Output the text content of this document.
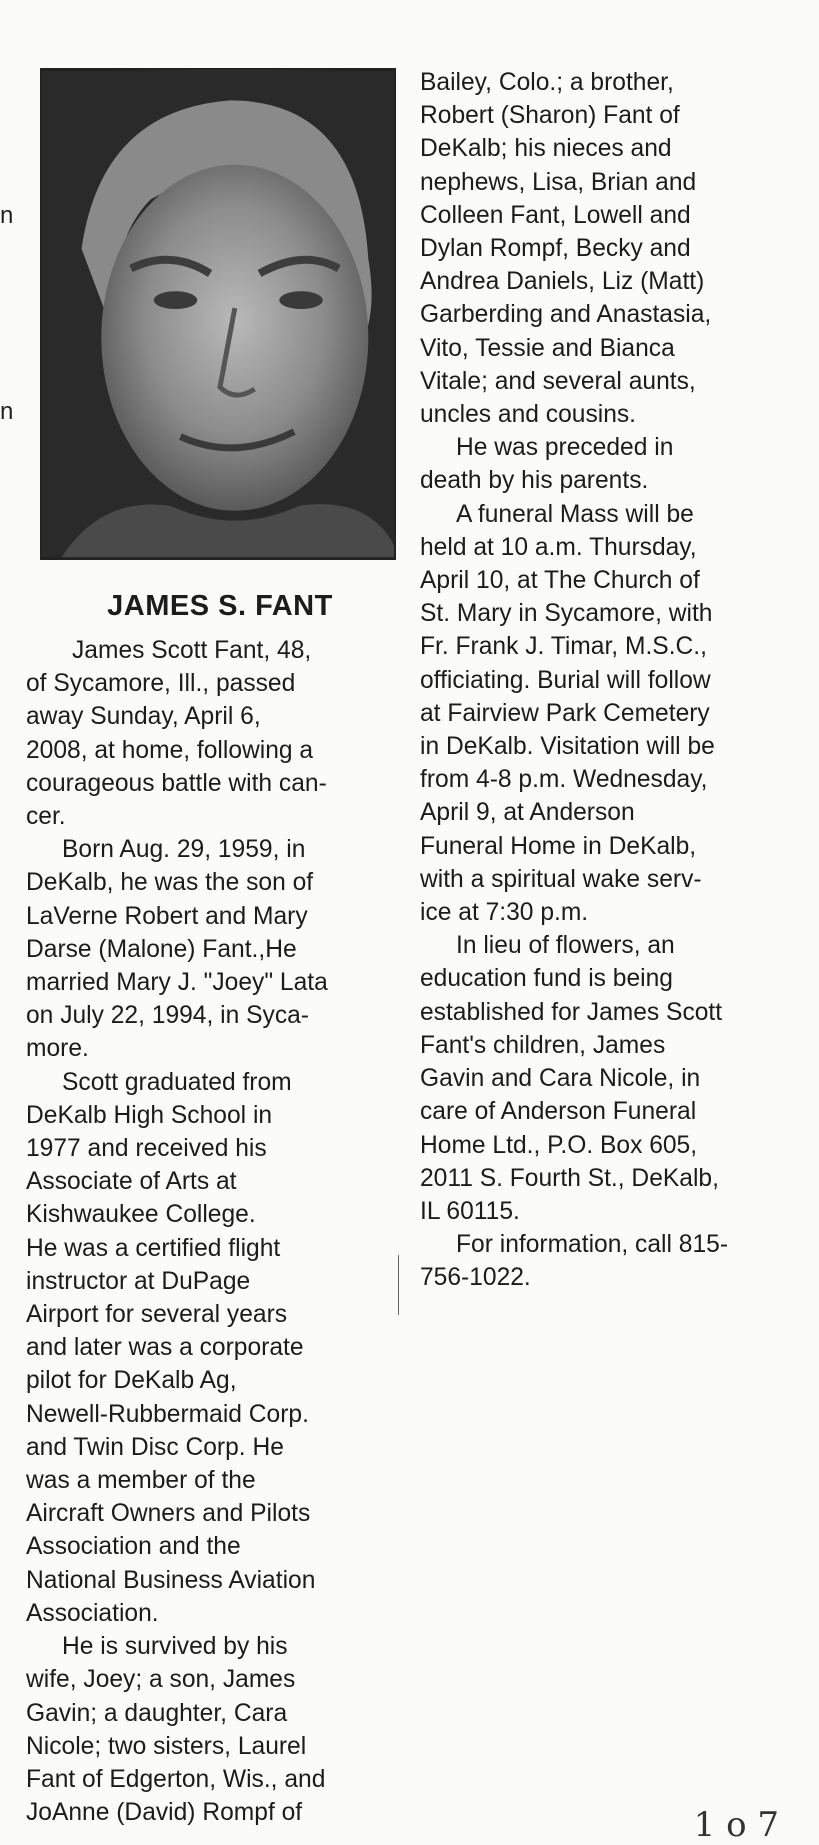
n
n
JAMES S. FANT

James Scott Fant, 48,

of Sycamore, Ill., passed

away Sunday, April 6,

2008, at home, following a

courageous battle with can-

cer.

Born Aug. 29, 1959, in

DeKalb, he was the son of

LaVerne Robert and Mary

Darse (Malone) Fant.,He

married Mary J. "Joey" Lata

on July 22, 1994, in Syca-

more.

Scott graduated from

DeKalb High School in

1977 and received his

Associate of Arts at

Kishwaukee College.

He was a certified flight

instructor at DuPage

Airport for several years

and later was a corporate

pilot for DeKalb Ag,

Newell-Rubbermaid Corp.

and Twin Disc Corp. He

was a member of the

Aircraft Owners and Pilots

Association and the

National Business Aviation

Association.

He is survived by his

wife, Joey; a son, James

Gavin; a daughter, Cara

Nicole; two sisters, Laurel

Fant of Edgerton, Wis., and

JoAnne (David) Rompf of

Bailey, Colo.; a brother,

Robert (Sharon) Fant of

DeKalb; his nieces and

nephews, Lisa, Brian and

Colleen Fant, Lowell and

Dylan Rompf, Becky and

Andrea Daniels, Liz (Matt)

Garberding and Anastasia,

Vito, Tessie and Bianca

Vitale; and several aunts,

uncles and cousins.

He was preceded in

death by his parents.

A funeral Mass will be

held at 10 a.m. Thursday,

April 10, at The Church of

St. Mary in Sycamore, with

Fr. Frank J. Timar, M.S.C.,

officiating. Burial will follow

at Fairview Park Cemetery

in DeKalb. Visitation will be

from 4-8 p.m. Wednesday,

April 9, at Anderson

Funeral Home in DeKalb,

with a spiritual wake serv-

ice at 7:30 p.m.

In lieu of flowers, an

education fund is being

established for James Scott

Fant's children, James

Gavin and Cara Nicole, in

care of Anderson Funeral

Home Ltd., P.O. Box 605,

2011 S. Fourth St., DeKalb,

IL 60115.

For information, call 815-

756-1022.

1 o 7
